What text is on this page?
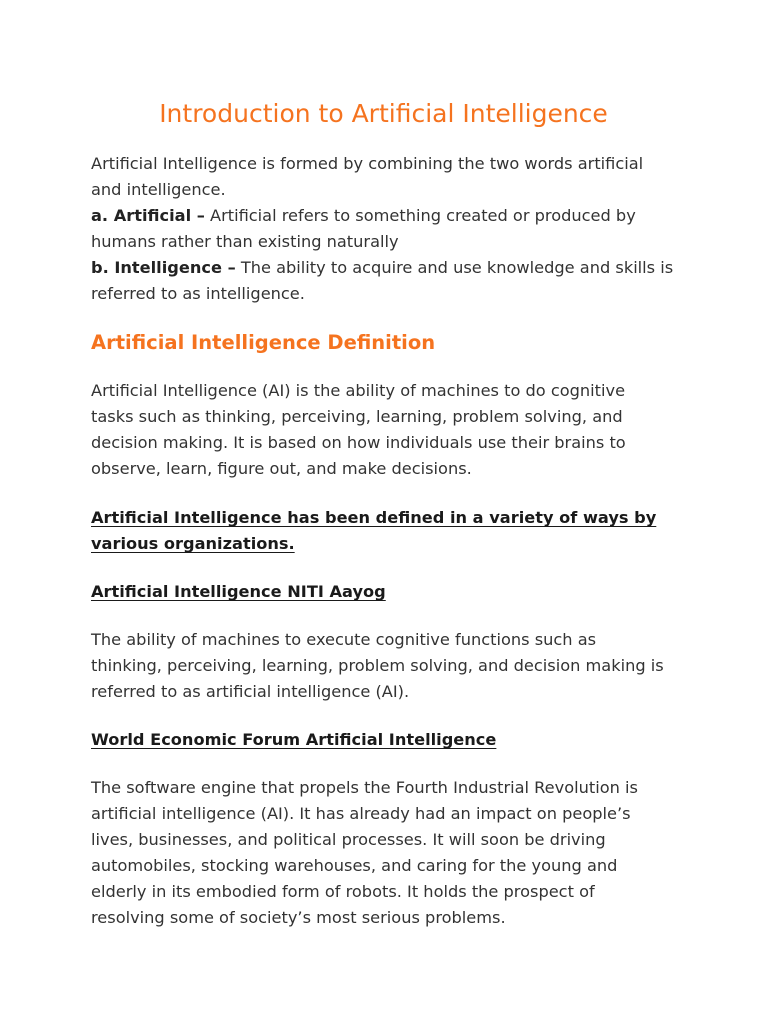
Introduction to Artificial Intelligence

Artificial Intelligence is formed by combining the two words artificial
and intelligence.
a. Artificial – Artificial refers to something created or produced by
humans rather than existing naturally
b. Intelligence – The ability to acquire and use knowledge and skills is
referred to as intelligence.

Artificial Intelligence Definition

Artificial Intelligence (AI) is the ability of machines to do cognitive
tasks such as thinking, perceiving, learning, problem solving, and
decision making. It is based on how individuals use their brains to
observe, learn, figure out, and make decisions.

Artificial Intelligence has been defined in a variety of ways by
various organizations.
Artificial Intelligence NITI Aayog

The ability of machines to execute cognitive functions such as
thinking, perceiving, learning, problem solving, and decision making is
referred to as artificial intelligence (AI).

World Economic Forum Artificial Intelligence

The software engine that propels the Fourth Industrial Revolution is
artificial intelligence (AI). It has already had an impact on people’s
lives, businesses, and political processes. It will soon be driving
automobiles, stocking warehouses, and caring for the young and
elderly in its embodied form of robots. It holds the prospect of
resolving some of society’s most serious problems.
